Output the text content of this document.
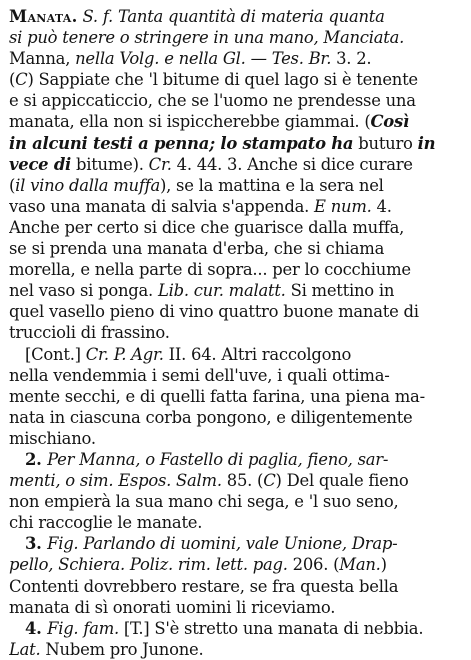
Manata. S. f. Tanta quantità di materia quanta
si può tenere o stringere in una mano, Manciata.
Manna, nella Volg. e nella Gl. — Tes. Br. 3. 2.
(C) Sappiate che 'l bitume di quel lago si è tenente
e si appiccaticcio, che se l'uomo ne prendesse una
manata, ella non si ispiccherebbe giammai. (Così
in alcuni testi a penna; lo stampato ha buturo in
vece di bitume). Cr. 4. 44. 3. Anche si dice curare
(il vino dalla muffa), se la mattina e la sera nel
vaso una manata di salvia s'appenda. E num. 4.
Anche per certo si dice che guarisce dalla muffa,
se si prenda una manata d'erba, che si chiama
morella, e nella parte di sopra... per lo cocchiume
nel vaso si ponga. Lib. cur. malatt. Si mettino in
quel vasello pieno di vino quattro buone manate di
truccioli di frassino.
[Cont.] Cr. P. Agr. II. 64. Altri raccolgono
nella vendemmia i semi dell'uve, i quali ottima-
mente secchi, e di quelli fatta farina, una piena ma-
nata in ciascuna corba pongono, e diligentemente
mischiano.
2. Per Manna, o Fastello di paglia, fieno, sar-
menti, o sim. Espos. Salm. 85. (C) Del quale fieno
non empierà la sua mano chi sega, e 'l suo seno,
chi raccoglie le manate.
3. Fig. Parlando di uomini, vale Unione, Drap-
pello, Schiera. Poliz. rim. lett. pag. 206. (Man.)
Contenti dovrebbero restare, se fra questa bella
manata di sì onorati uomini li riceviamo.
4. Fig. fam. [T.] S'è stretto una manata di nebbia.
Lat. Nubem pro Junone.
